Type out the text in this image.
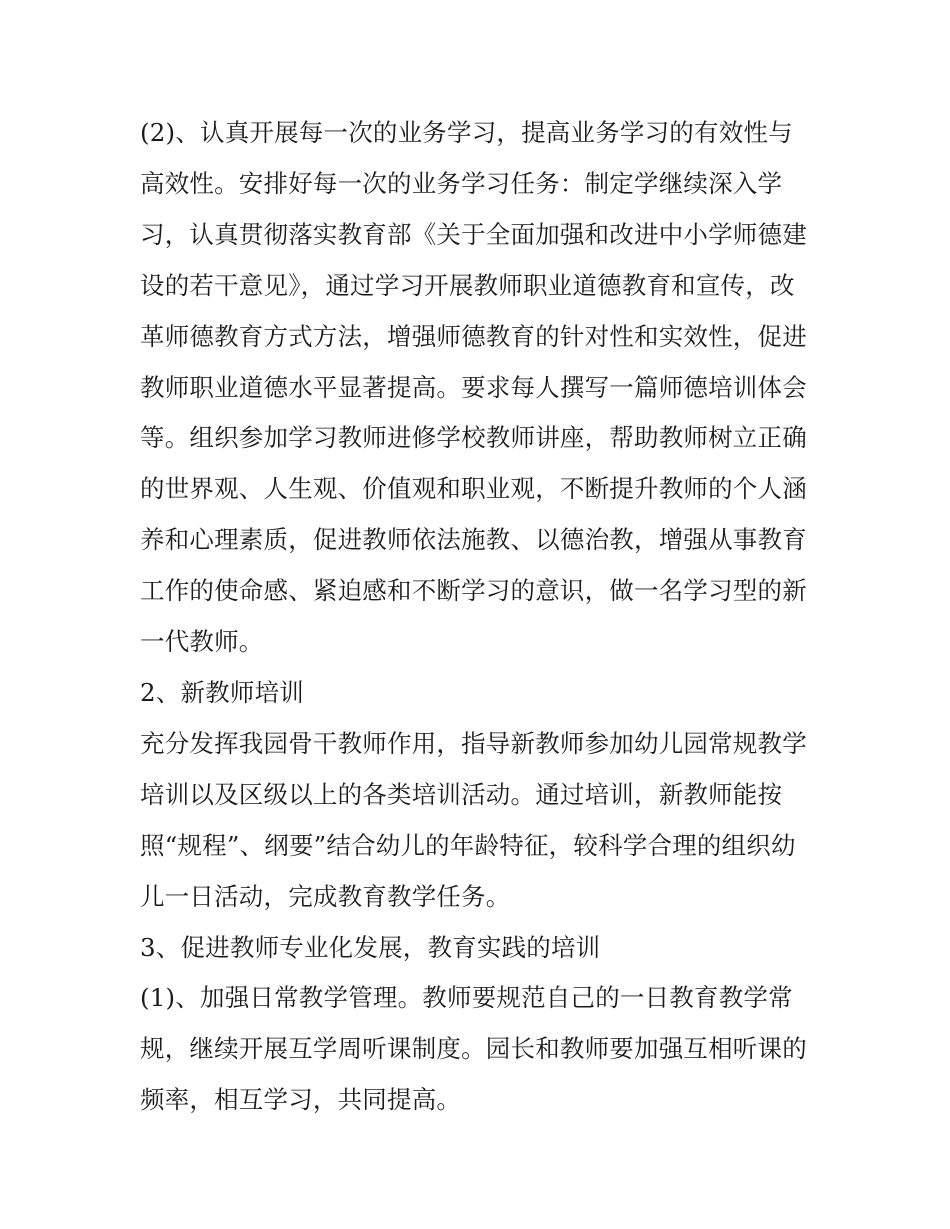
(2)、认真开展每一次的业务学习，提高业务学习的有效性与

高效性。安排好每一次的业务学习任务：制定学继续深入学

习，认真贯彻落实教育部《关于全面加强和改进中小学师德建

设的若干意见》，通过学习开展教师职业道德教育和宣传，改

革师德教育方式方法，增强师德教育的针对性和实效性，促进

教师职业道德水平显著提高。要求每人撰写一篇师德培训体会

等。组织参加学习教师进修学校教师讲座，帮助教师树立正确

的世界观、人生观、价值观和职业观，不断提升教师的个人涵

养和心理素质，促进教师依法施教、以德治教，增强从事教育

工作的使命感、紧迫感和不断学习的意识，做一名学习型的新

一代教师。

2、新教师培训

充分发挥我园骨干教师作用，指导新教师参加幼儿园常规教学

培训以及区级以上的各类培训活动。通过培训，新教师能按

照“规程”、纲要”结合幼儿的年龄特征，较科学合理的组织幼

儿一日活动，完成教育教学任务。

3、促进教师专业化发展，教育实践的培训

(1)、加强日常教学管理。教师要规范自己的一日教育教学常

规，继续开展互学周听课制度。园长和教师要加强互相听课的

频率，相互学习，共同提高。
